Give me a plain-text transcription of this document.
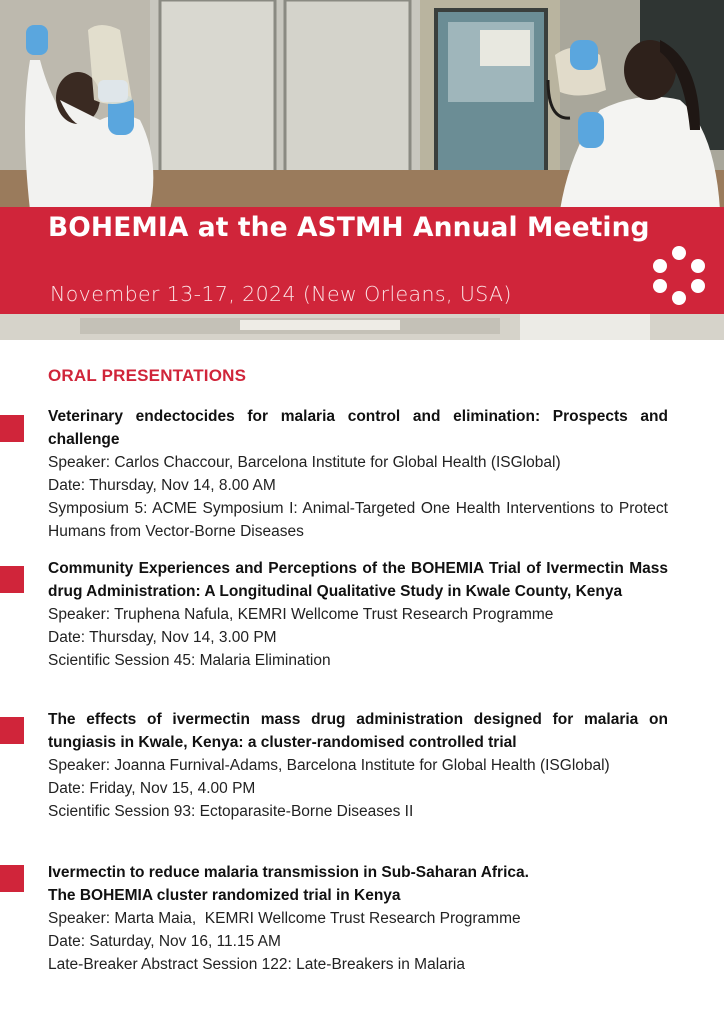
BOHEMIA at the ASTMH Annual Meeting
November 13-17, 2024 (New Orleans, USA)
ORAL PRESENTATIONS
Veterinary endectocides for malaria control and elimination: Prospects and challenge
Speaker: Carlos Chaccour, Barcelona Institute for Global Health (ISGlobal)
Date: Thursday, Nov 14, 8.00 AM
Symposium 5: ACME Symposium I: Animal-Targeted One Health Interventions to Protect Humans from Vector-Borne Diseases
Community Experiences and Perceptions of the BOHEMIA Trial of Ivermectin Mass drug Administration: A Longitudinal Qualitative Study in Kwale County, Kenya
Speaker: Truphena Nafula, KEMRI Wellcome Trust Research Programme
Date: Thursday, Nov 14, 3.00 PM
Scientific Session 45: Malaria Elimination
The effects of ivermectin mass drug administration designed for malaria on tungiasis in Kwale, Kenya: a cluster-randomised controlled trial
Speaker: Joanna Furnival-Adams, Barcelona Institute for Global Health (ISGlobal)
Date: Friday, Nov 15, 4.00 PM
Scientific Session 93: Ectoparasite-Borne Diseases II
Ivermectin to reduce malaria transmission in Sub-Saharan Africa.
The BOHEMIA cluster randomized trial in Kenya
Speaker: Marta Maia,  KEMRI Wellcome Trust Research Programme
Date: Saturday, Nov 16, 11.15 AM
Late-Breaker Abstract Session 122: Late-Breakers in Malaria
